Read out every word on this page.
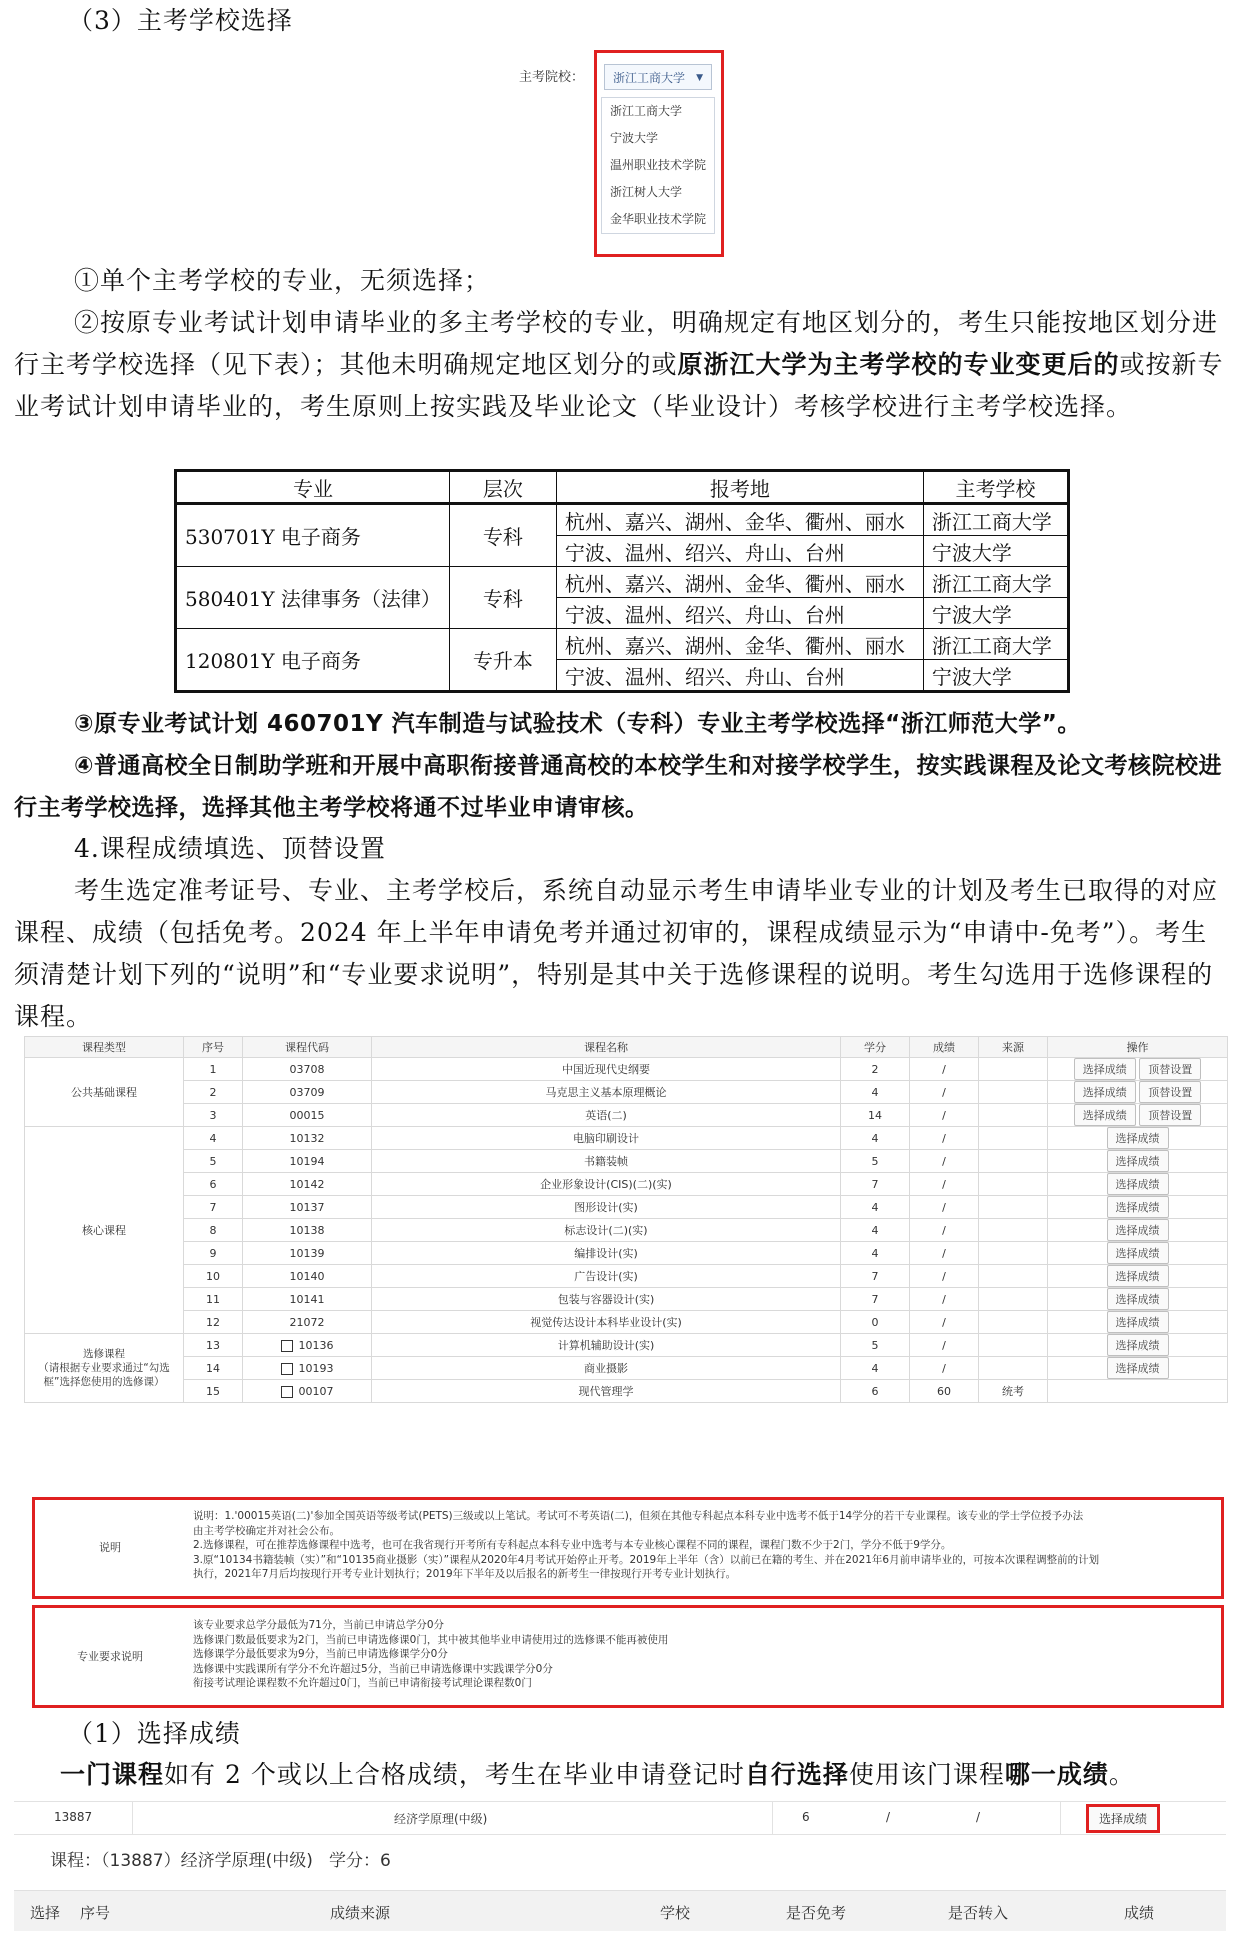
（3）主考学校选择
主考院校：	浙江工商大学 ▼
浙江工商大学
宁波大学
温州职业技术学院
浙江树人大学
金华职业技术学院
①单个主考学校的专业，无须选择；
②按原专业考试计划申请毕业的多主考学校的专业，明确规定有地区划分的，考生只能按地区划分进行主考学校选择（见下表）；其他未明确规定地区划分的或原浙江大学为主考学校的专业变更后的或按新专业考试计划申请毕业的，考生原则上按实践及毕业论文（毕业设计）考核学校进行主考学校选择。
专业	层次	报考地	主考学校
530701Y 电子商务	专科	杭州、嘉兴、湖州、金华、衢州、丽水	浙江工商大学
		宁波、温州、绍兴、舟山、台州	宁波大学
580401Y 法律事务（法律）	专科	杭州、嘉兴、湖州、金华、衢州、丽水	浙江工商大学
		宁波、温州、绍兴、舟山、台州	宁波大学
120801Y 电子商务	专升本	杭州、嘉兴、湖州、金华、衢州、丽水	浙江工商大学
		宁波、温州、绍兴、舟山、台州	宁波大学
③原专业考试计划 460701Y 汽车制造与试验技术（专科）专业主考学校选择“浙江师范大学”。
④普通高校全日制助学班和开展中高职衔接普通高校的本校学生和对接学校学生，按实践课程及论文考核院校进行主考学校选择，选择其他主考学校将通不过毕业申请审核。
4.课程成绩填选、顶替设置
考生选定准考证号、专业、主考学校后，系统自动显示考生申请毕业专业的计划及考生已取得的对应课程、成绩（包括免考。2024 年上半年申请免考并通过初审的，课程成绩显示为“申请中-免考”）。考生须清楚计划下列的“说明”和“专业要求说明”，特别是其中关于选修课程的说明。考生勾选用于选修课程的课程。
课程类型	序号	课程代码	课程名称	学分	成绩	来源	操作
公共基础课程	1	03708	中国近现代史纲要	2	/		选择成绩 顶替设置
	2	03709	马克思主义基本原理概论	4	/		选择成绩 顶替设置
	3	00015	英语(二)	14	/		选择成绩 顶替设置
核心课程	4	10132	电脑印刷设计	4	/		选择成绩
	5	10194	书籍装帧	5	/		选择成绩
	6	10142	企业形象设计(CIS)(二)(实)	7	/		选择成绩
	7	10137	图形设计(实)	4	/		选择成绩
	8	10138	标志设计(二)(实)	4	/		选择成绩
	9	10139	编排设计(实)	4	/		选择成绩
	10	10140	广告设计(实)	7	/		选择成绩
	11	10141	包装与容器设计(实)	7	/		选择成绩
	12	21072	视觉传达设计本科毕业设计(实)	0	/		选择成绩

选修课程
（请根据专业要求通过“勾选
框”选择您使用的选修课）	13	10136	计算机辅助设计(实)	5	/		选择成绩
	14	10193	商业摄影	4	/		选择成绩
	15	00107	现代管理学	6	60	统考	
说明
说明：1.'00015英语(二)'参加全国英语等级考试(PETS)三级或以上笔试。考试可不考英语(二)，但须在其他专科起点本科专业中选考不低于14学分的若干专业课程。该专业的学士学位授予办法
由主考学校确定并对社会公布。
2.选修课程，可在推荐选修课程中选考，也可在我省现行开考所有专科起点本科专业中选考与本专业核心课程不同的课程，课程门数不少于2门，学分不低于9学分。
3.原“10134书籍装帧（实）”和“10135商业摄影（实）”课程从2020年4月考试开始停止开考。2019年上半年（含）以前已在籍的考生、并在2021年6月前申请毕业的，可按本次课程调整前的计划
执行，2021年7月后均按现行开考专业计划执行；2019年下半年及以后报名的新考生一律按现行开考专业计划执行。
专业要求说明
该专业要求总学分最低为71分，当前已申请总学分0分
选修课门数最低要求为2门，当前已申请选修课0门，其中被其他毕业申请使用过的选修课不能再被使用
选修课学分最低要求为9分，当前已申请选修课学分0分
选修课中实践课所有学分不允许超过5分，当前已申请选修课中实践课学分0分
衔接考试理论课程数不允许超过0门，当前已申请衔接考试理论课程数0门
（1）选择成绩
一门课程如有 2 个或以上合格成绩，考生在毕业申请登记时自行选择使用该门课程哪一成绩。
13887	经济学原理(中级)	6	/	/	选择成绩
课程：（13887）经济学原理(中级)   学分：6
选择 序号	成绩来源	学校	是否免考	是否转入	成绩
